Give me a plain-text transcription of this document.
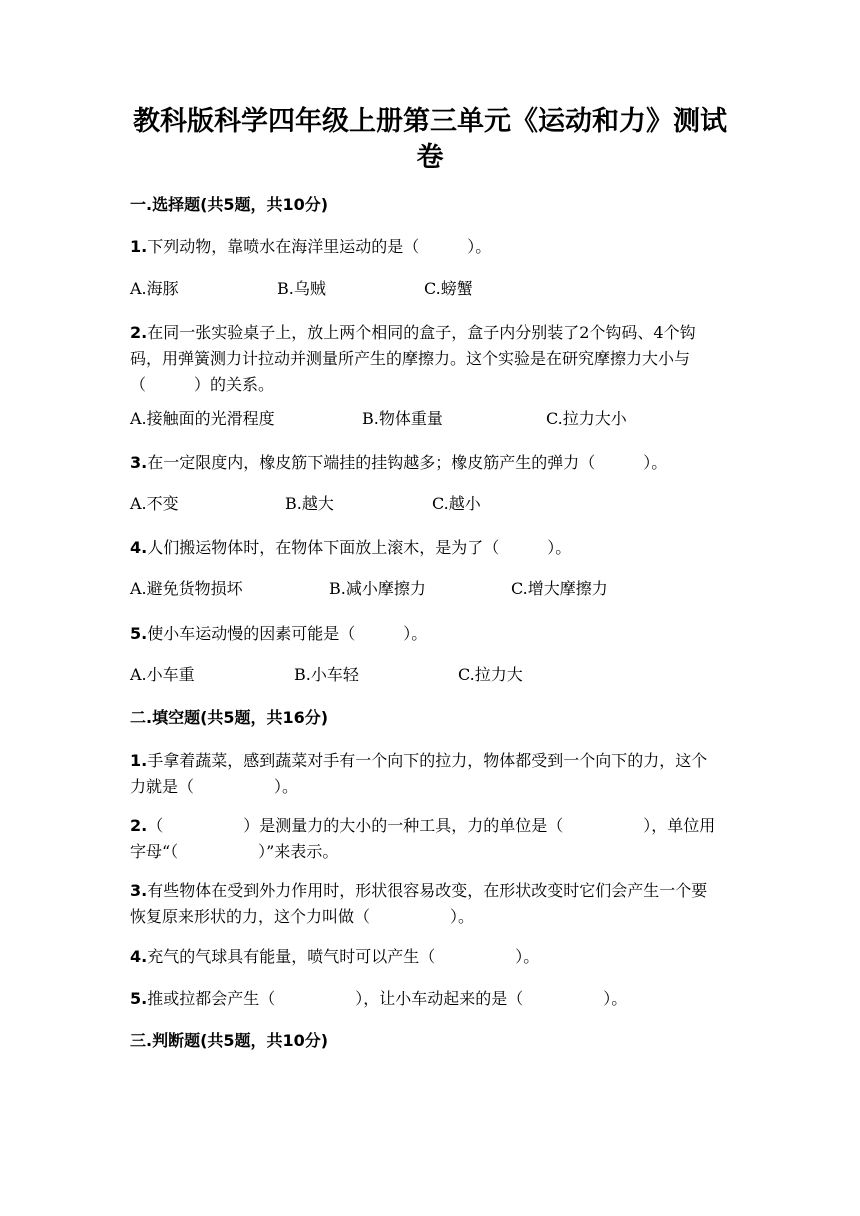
教科版科学四年级上册第三单元《运动和力》测试卷
一.选择题(共5题，共10分)
1.下列动物，靠喷水在海洋里运动的是（　　　）。
A.海豚	B.乌贼	C.螃蟹
2.在同一张实验桌子上，放上两个相同的盒子，盒子内分别装了2个钩码、4个钩码，用弹簧测力计拉动并测量所产生的摩擦力。这个实验是在研究摩擦力大小与（　　　）的关系。
A.接触面的光滑程度	B.物体重量	C.拉力大小
3.在一定限度内，橡皮筋下端挂的挂钩越多；橡皮筋产生的弹力（　　　）。
A.不变	B.越大	C.越小
4.人们搬运物体时，在物体下面放上滚木，是为了（　　　）。
A.避免货物损坏	B.减小摩擦力	C.增大摩擦力
5.使小车运动慢的因素可能是（　　　）。
A.小车重	B.小车轻	C.拉力大
二.填空题(共5题，共16分)
1.手拿着蔬菜，感到蔬菜对手有一个向下的拉力，物体都受到一个向下的力，这个力就是（　　　　　）。
2.（　　　　　）是测量力的大小的一种工具，力的单位是（　　　　　），单位用字母“（　　　　　）”来表示。
3.有些物体在受到外力作用时，形状很容易改变，在形状改变时它们会产生一个要恢复原来形状的力，这个力叫做（　　　　　）。
4.充气的气球具有能量，喷气时可以产生（　　　　　）。
5.推或拉都会产生（　　　　　），让小车动起来的是（　　　　　）。
三.判断题(共5题，共10分)
